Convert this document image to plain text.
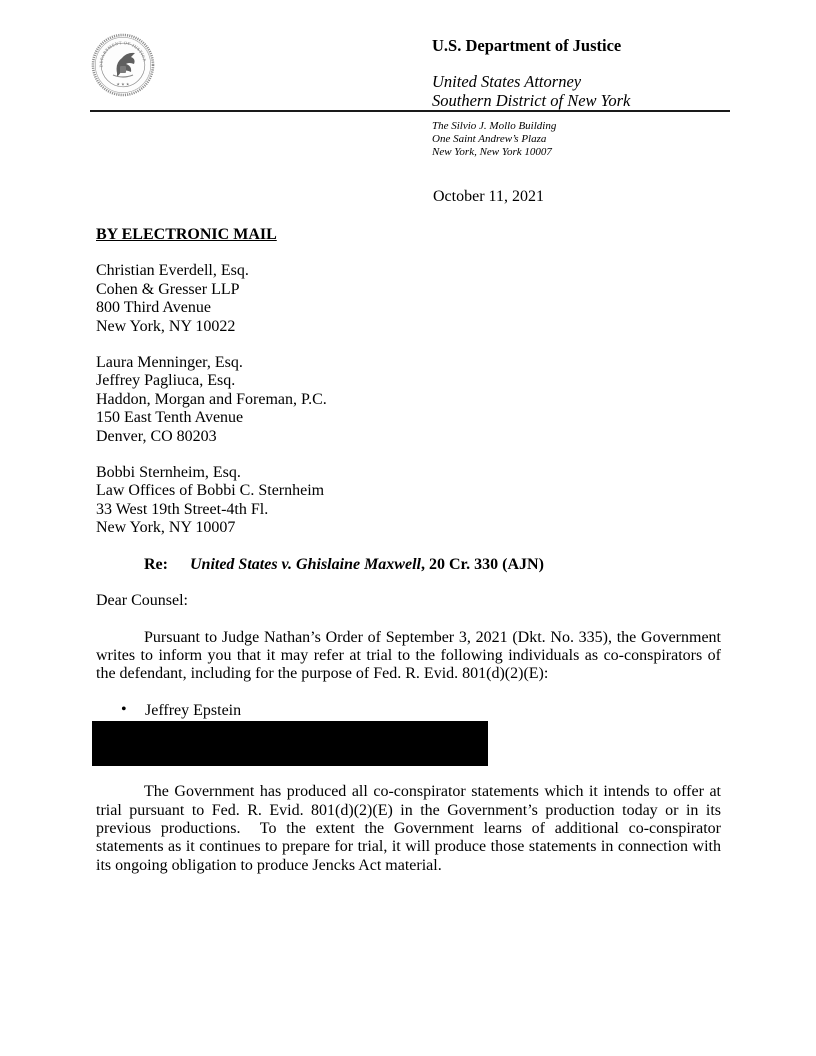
DEPARTMENT OF JUSTICE
★ ★ ★
U.S. Department of Justice
United States Attorney
Southern District of New York
The Silvio J. Mollo Building
One Saint Andrew’s Plaza
New York, New York 10007
October 11, 2021
BY ELECTRONIC MAIL
Christian Everdell, Esq.
Cohen & Gresser LLP
800 Third Avenue
New York, NY 10022
Laura Menninger, Esq.
Jeffrey Pagliuca, Esq.
Haddon, Morgan and Foreman, P.C.
150 East Tenth Avenue
Denver, CO 80203
Bobbi Sternheim, Esq.
Law Offices of Bobbi C. Sternheim
33 West 19th Street-4th Fl.
New York, NY 10007
Re: United States v. Ghislaine Maxwell, 20 Cr. 330 (AJN)
Dear Counsel:
Pursuant to Judge Nathan’s Order of September 3, 2021 (Dkt. No. 335), the Government writes to inform you that it may refer at trial to the following individuals as co-conspirators of the defendant, including for the purpose of Fed. R. Evid. 801(d)(2)(E):
• Jeffrey Epstein
The Government has produced all co-conspirator statements which it intends to offer at trial pursuant to Fed. R. Evid. 801(d)(2)(E) in the Government’s production today or in its previous productions.  To the extent the Government learns of additional co-conspirator statements as it continues to prepare for trial, it will produce those statements in connection with its ongoing obligation to produce Jencks Act material.
